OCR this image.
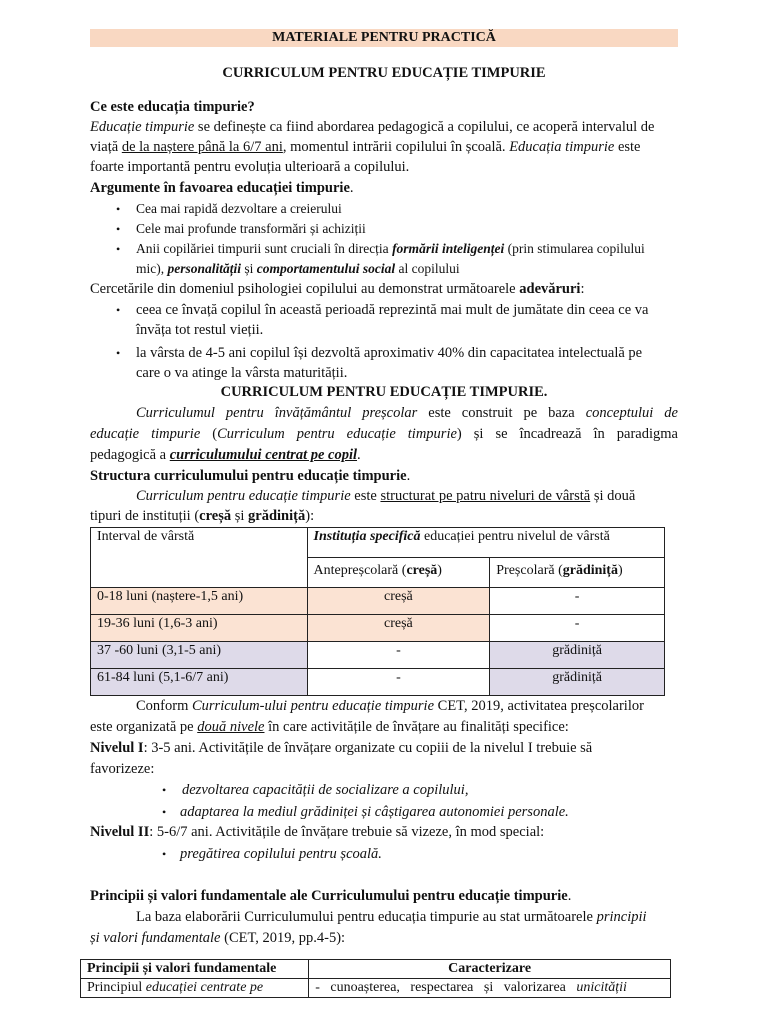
MATERIALE PENTRU PRACTICĂ
CURRICULUM PENTRU EDUCAȚIE TIMPURIE
Ce este educația timpurie?
Educație timpurie se definește ca fiind abordarea pedagogică a copilului, ce acoperă intervalul de
viață de la naștere până la 6/7 ani, momentul intrării copilului în școală. Educația timpurie este
foarte importantă pentru evoluția ulterioară a copilului.
Argumente în favoarea educației timpurie.
• Cea mai rapidă dezvoltare a creierului
• Cele mai profunde transformări și achiziții
• Anii copilăriei timpurii sunt cruciali în direcția formării inteligenței (prin stimularea copilului
mic), personalității și comportamentului social al copilului
Cercetările din domeniul psihologiei copilului au demonstrat următoarele adevăruri:
• ceea ce învață copilul în această perioadă reprezintă mai mult de jumătate din ceea ce va
învăța tot restul vieții.
• la vârsta de 4-5 ani copilul își dezvoltă aproximativ 40% din capacitatea intelectuală pe
care o va atinge la vârsta maturității.
CURRICULUM PENTRU EDUCAȚIE TIMPURIE.
Curriculumul pentru învățământul preșcolar este construit pe baza conceptului de
educație timpurie (Curriculum pentru educație timpurie) și se încadrează în paradigma
pedagogică a curriculumului centrat pe copil.
Structura curriculumului pentru educație timpurie.
Curriculum pentru educație timpurie este structurat pe patru niveluri de vârstă și două
tipuri de instituții (creșă și grădiniță):
Interval de vârstă	Instituția specifică educației pentru nivelul de vârstă	
	Antepreșcolară (creșă)	Preșcolară (grădiniță)
0-18 luni (naștere-1,5 ani)	creșă	-
19-36 luni (1,6-3 ani)	creșă	-
37 -60 luni (3,1-5 ani)	-	grădiniță
61-84 luni (5,1-6/7 ani)	-	grădiniță
Conform Curriculum-ului pentru educație timpurie CET, 2019, activitatea preșcolarilor
este organizată pe două nivele în care activitățile de învățare au finalități specifice:
Nivelul I: 3-5 ani. Activitățile de învățare organizate cu copiii de la nivelul I trebuie să
favorizeze:
• dezvoltarea capacității de socializare a copilului,
• adaptarea la mediul grădiniței și câștigarea autonomiei personale.
Nivelul II: 5-6/7 ani. Activitățile de învățare trebuie să vizeze, în mod special:
• pregătirea copilului pentru școală.
Principii și valori fundamentale ale Curriculumului pentru educație timpurie.
La baza elaborării Curriculumului pentru educația timpurie au stat următoarele principii
și valori fundamentale (CET, 2019, pp.4-5):
Principii și valori fundamentale	Caracterizare
Principiul educației centrate pe	-   cunoașterea,   respectarea   și   valorizarea   unicității
